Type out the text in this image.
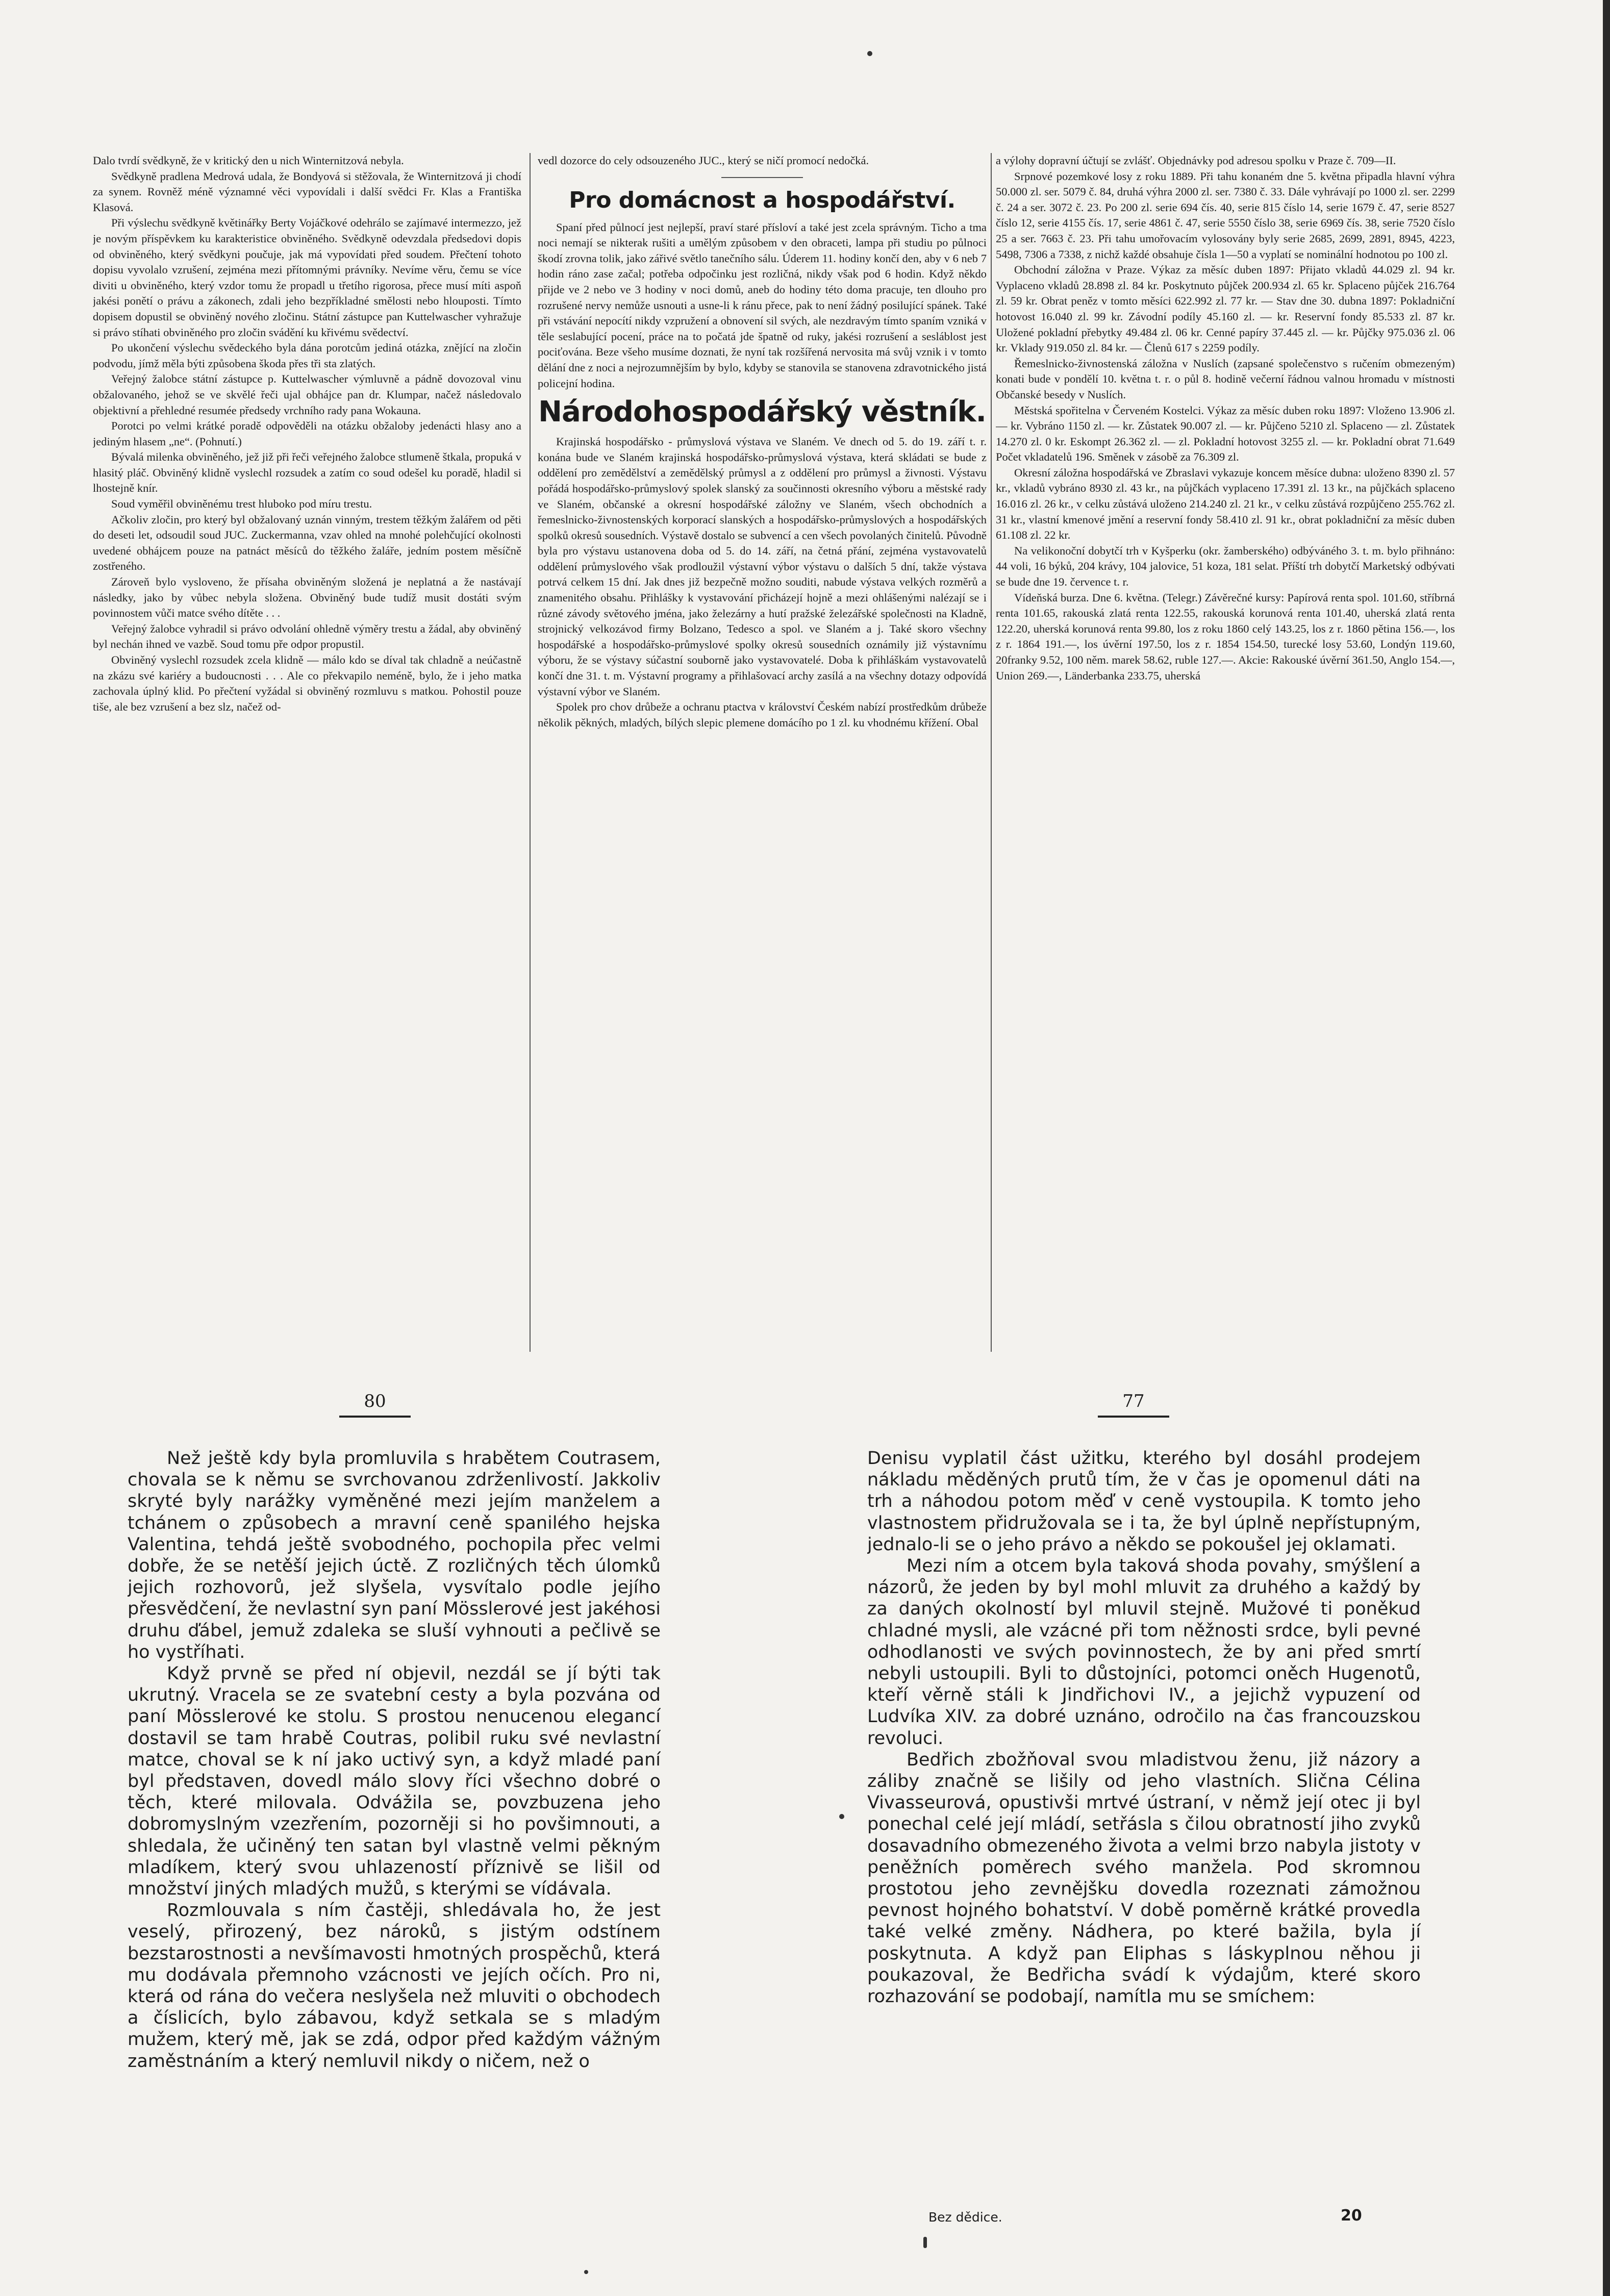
Dalo tvrdí svědkyně, že v kritický den u nich Winternitzová nebyla.

Svědkyně pradlena Medrová udala, že Bondyová si stěžovala, že Winternitzová ji chodí za synem. Rovněž méně významné věci vypovídali i další svědci Fr. Klas a Františka Klasová.

Při výslechu svědkyně květinářky Berty Vojáčkové odehrálo se zajímavé intermezzo, jež je novým příspěvkem ku karakteristice obviněného. Svědkyně odevzdala předsedovi dopis od obviněného, který svědkyni poučuje, jak má vypovídati před soudem. Přečtení tohoto dopisu vyvolalo vzrušení, zejména mezi přítomnými právníky. Nevíme věru, čemu se více diviti u obviněného, který vzdor tomu že propadl u třetího rigorosa, přece musí míti aspoň jakési ponětí o právu a zákonech, zdali jeho bezpříkladné smělosti nebo hlouposti. Tímto dopisem dopustil se obviněný nového zločinu. Státní zástupce pan Kuttelwascher vyhražuje si právo stíhati obviněného pro zločin svádění ku křivému svědectví.

Po ukončení výslechu svědeckého byla dána porotcům jediná otázka, znějící na zločin podvodu, jímž měla býti způsobena škoda přes tři sta zlatých.

Veřejný žalobce státní zástupce p. Kuttelwascher výmluvně a pádně dovozoval vinu obžalovaného, jehož se ve skvělé řeči ujal obhájce pan dr. Klumpar, načež následovalo objektivní a přehledné resumée předsedy vrchního rady pana Wokauna.

Porotci po velmi krátké poradě odpověděli na otázku obžaloby jedenácti hlasy ano a jediným hlasem „ne“. (Pohnutí.)

Bývalá milenka obviněného, jež již při řeči veřejného žalobce stlumeně štkala, propuká v hlasitý pláč. Obviněný klidně vyslechl rozsudek a zatím co soud odešel ku poradě, hladil si lhostejně knír.

Soud vyměřil obviněnému trest hluboko pod míru trestu.

Ačkoliv zločin, pro který byl obžalovaný uznán vinným, trestem těžkým žalářem od pěti do deseti let, odsoudil soud JUC. Zuckermanna, vzav ohled na mnohé polehčující okolnosti uvedené obhájcem pouze na patnáct měsíců do těžkého žaláře, jedním postem měsíčně zostřeného.

Zároveň bylo vysloveno, že přísaha obviněným složená je neplatná a že nastávají následky, jako by vůbec nebyla složena. Obviněný bude tudíž musit dostáti svým povinnostem vůči matce svého dítěte . . .

Veřejný žalobce vyhradil si právo odvolání ohledně výměry trestu a žádal, aby obviněný byl nechán ihned ve vazbě. Soud tomu pře odpor propustil.

Obviněný vyslechl rozsudek zcela klidně — málo kdo se díval tak chladně a neúčastně na zkázu své kariéry a budoucnosti . . . Ale co překvapilo neméně, bylo, že i jeho matka zachovala úplný klid. Po přečtení vyžádal si obviněný rozmluvu s matkou. Pohostil pouze tiše, ale bez vzrušení a bez slz, načež od-

vedl dozorce do cely odsouzeného JUC., který se ničí promocí nedočká.

Pro domácnost a hospodářství.

Spaní před půlnocí jest nejlepší, praví staré přísloví a také jest zcela správným. Ticho a tma noci nemají se nikterak rušiti a umělým způsobem v den obraceti, lampa při studiu po půlnoci škodí zrovna tolik, jako zářivé světlo tanečního sálu. Úderem 11. hodiny končí den, aby v 6 neb 7 hodin ráno zase začal; potřeba odpočinku jest rozličná, nikdy však pod 6 hodin. Když někdo přijde ve 2 nebo ve 3 hodiny v noci domů, aneb do hodiny této doma pracuje, ten dlouho pro rozrušené nervy nemůže usnouti a usne-li k ránu přece, pak to není žádný posilující spánek. Také při vstávání nepocítí nikdy vzpružení a obnovení sil svých, ale nezdravým tímto spaním vzniká v těle seslabující pocení, práce na to počatá jde špatně od ruky, jakési rozrušení a sesláblost jest pociťována. Beze všeho musíme doznati, že nyní tak rozšířená nervosita má svůj vznik i v tomto dělání dne z noci a nejrozumnějším by bylo, kdyby se stanovila se stanovena zdravotnického jistá policejní hodina.

Národohospodářský věstník.

Krajinská hospodářsko - průmyslová výstava ve Slaném. Ve dnech od 5. do 19. září t. r. konána bude ve Slaném krajinská hospodářsko-průmyslová výstava, která skládati se bude z oddělení pro zemědělství a zemědělský průmysl a z oddělení pro průmysl a živnosti. Výstavu pořádá hospodářsko-průmyslový spolek slanský za součinnosti okresního výboru a městské rady ve Slaném, občanské a okresní hospodářské záložny ve Slaném, všech obchodních a řemeslnicko-živnostenských korporací slanských a hospodářsko-průmyslových a hospodářských spolků okresů sousedních. Výstavě dostalo se subvencí a cen všech povolaných činitelů. Původně byla pro výstavu ustanovena doba od 5. do 14. září, na četná přání, zejména vystavovatelů oddělení průmyslového však prodloužil výstavní výbor výstavu o dalších 5 dní, takže výstava potrvá celkem 15 dní. Jak dnes již bezpečně možno souditi, nabude výstava velkých rozměrů a znamenitého obsahu. Přihlášky k vystavování přicházejí hojně a mezi ohlášenými nalézají se i různé závody světového jména, jako železárny a hutí pražské železářské společnosti na Kladně, strojnický velkozávod firmy Bolzano, Tedesco a spol. ve Slaném a j. Také skoro všechny hospodářské a hospodářsko-průmyslové spolky okresů sousedních oznámily již výstavnímu výboru, že se výstavy súčastní souborně jako vystavovatelé. Doba k přihláškám vystavovatelů končí dne 31. t. m. Výstavní programy a přihlašovací archy zasílá a na všechny dotazy odpovídá výstavní výbor ve Slaném.

Spolek pro chov drůbeže a ochranu ptactva v království Českém nabízí prostředkům drůbeže několik pěkných, mladých, bílých slepic plemene domácího po 1 zl. ku vhodnému křížení. Obal

a výlohy dopravní účtují se zvlášť. Objednávky pod adresou spolku v Praze č. 709—II.

Srpnové pozemkové losy z roku 1889. Při tahu konaném dne 5. května připadla hlavní výhra 50.000 zl. ser. 5079 č. 84, druhá výhra 2000 zl. ser. 7380 č. 33. Dále vyhrávají po 1000 zl. ser. 2299 č. 24 a ser. 3072 č. 23. Po 200 zl. serie 694 čís. 40, serie 815 číslo 14, serie 1679 č. 47, serie 8527 číslo 12, serie 4155 čís. 17, serie 4861 č. 47, serie 5550 číslo 38, serie 6969 čís. 38, serie 7520 číslo 25 a ser. 7663 č. 23. Při tahu umořovacím vylosovány byly serie 2685, 2699, 2891, 8945, 4223, 5498, 7306 a 7338, z nichž každé obsahuje čísla 1—50 a vyplatí se nominální hodnotou po 100 zl.

Obchodní záložna v Praze. Výkaz za měsíc duben 1897: Přijato vkladů 44.029 zl. 94 kr. Vyplaceno vkladů 28.898 zl. 84 kr. Poskytnuto půjček 200.934 zl. 65 kr. Splaceno půjček 216.764 zl. 59 kr. Obrat peněz v tomto měsíci 622.992 zl. 77 kr. — Stav dne 30. dubna 1897: Pokladniční hotovost 16.040 zl. 99 kr. Závodní podíly 45.160 zl. — kr. Reservní fondy 85.533 zl. 87 kr. Uložené pokladní přebytky 49.484 zl. 06 kr. Cenné papíry 37.445 zl. — kr. Půjčky 975.036 zl. 06 kr. Vklady 919.050 zl. 84 kr. — Členů 617 s 2259 podíly.

Řemeslnicko-živnostenská záložna v Nuslích (zapsané společenstvo s ručením obmezeným) konati bude v pondělí 10. května t. r. o půl 8. hodině večerní řádnou valnou hromadu v místnosti Občanské besedy v Nuslích.

Městská spořitelna v Červeném Kostelci. Výkaz za měsíc duben roku 1897: Vloženo 13.906 zl. — kr. Vybráno 1150 zl. — kr. Zůstatek 90.007 zl. — kr. Půjčeno 5210 zl. Splaceno — zl. Zůstatek 14.270 zl. 0 kr. Eskompt 26.362 zl. — zl. Pokladní hotovost 3255 zl. — kr. Pokladní obrat 71.649 Počet vkladatelů 196. Směnek v zásobě za 76.309 zl.

Okresní záložna hospodářská ve Zbraslavi vykazuje koncem měsíce dubna: uloženo 8390 zl. 57 kr., vkladů vybráno 8930 zl. 43 kr., na půjčkách vyplaceno 17.391 zl. 13 kr., na půjčkách splaceno 16.016 zl. 26 kr., v celku zůstává uloženo 214.240 zl. 21 kr., v celku zůstává rozpůjčeno 255.762 zl. 31 kr., vlastní kmenové jmění a reservní fondy 58.410 zl. 91 kr., obrat pokladniční za měsíc duben 61.108 zl. 22 kr.

Na velikonoční dobytčí trh v Kyšperku (okr. žamberského) odbýváného 3. t. m. bylo přihnáno: 44 voli, 16 býků, 204 krávy, 104 jalovice, 51 koza, 181 selat. Příští trh dobytčí Marketský odbývati se bude dne 19. července t. r.

Vídeňská burza. Dne 6. května. (Telegr.) Závěrečné kursy: Papírová renta spol. 101.60, stříbrná renta 101.65, rakouská zlatá renta 122.55, rakouská korunová renta 101.40, uherská zlatá renta 122.20, uherská korunová renta 99.80, los z roku 1860 celý 143.25, los z r. 1860 pětina 156.—, los z r. 1864 191.—, los úvěrní 197.50, los z r. 1854 154.50, turecké losy 53.60, Londýn 119.60, 20franky 9.52, 100 něm. marek 58.62, ruble 127.—. Akcie: Rakouské úvěrní 361.50, Anglo 154.—, Union 269.—, Länderbanka 233.75, uherská

80	77

Než ještě kdy byla promluvila s hrabětem Coutrasem, chovala se k němu se svrchovanou zdrženlivostí. Jakkoliv skryté byly narážky vyměněné mezi jejím manželem a tchánem o způsobech a mravní ceně spanilého hejska Valentina, tehdá ještě svobodného, pochopila přec velmi dobře, že se netěší jejich úctě. Z rozličných těch úlomků jejich rozhovorů, jež slyšela, vysvítalo podle jejího přesvědčení, že nevlastní syn paní Mösslerové jest jakéhosi druhu ďábel, jemuž zdaleka se sluší vyhnouti a pečlivě se ho vystříhati.

Když prvně se před ní objevil, nezdál se jí býti tak ukrutný. Vracela se ze svatební cesty a byla pozvána od paní Mösslerové ke stolu. S prostou nenucenou elegancí dostavil se tam hrabě Coutras, polibil ruku své nevlastní matce, choval se k ní jako uctivý syn, a když mladé paní byl představen, dovedl málo slovy říci všechno dobré o těch, které milovala. Odvážila se, povzbuzena jeho dobromyslným vzezřením, pozorněji si ho povšimnouti, a shledala, že učiněný ten satan byl vlastně velmi pěkným mladíkem, který svou uhlazeností příznivě se lišil od množství jiných mladých mužů, s kterými se vídávala.

Rozmlouvala s ním častěji, shledávala ho, že jest veselý, přirozený, bez nároků, s jistým odstínem bezstarostnosti a nevšímavosti hmotných prospěchů, která mu dodávala přemnoho vzácnosti ve jejích očích. Pro ni, která od rána do večera neslyšela než mluviti o obchodech a číslicích, bylo zábavou, když setkala se s mladým mužem, který mě, jak se zdá, odpor před každým vážným zaměstnáním a který nemluvil nikdy o ničem, než o

Denisu vyplatil část užitku, kterého byl dosáhl prodejem nákladu měděných prutů tím, že v čas je opomenul dáti na trh a náhodou potom měď v ceně vystoupila. K tomto jeho vlastnostem přidružovala se i ta, že byl úplně nepřístupným, jednalo-li se o jeho právo a někdo se pokoušel jej oklamati.

Mezi ním a otcem byla taková shoda povahy, smýšlení a názorů, že jeden by byl mohl mluvit za druhého a každý by za daných okolností byl mluvil stejně. Mužové ti poněkud chladné mysli, ale vzácné při tom něžnosti srdce, byli pevné odhodlanosti ve svých povinnostech, že by ani před smrtí nebyli ustoupili. Byli to důstojníci, potomci oněch Hugenotů, kteří věrně stáli k Jindřichovi IV., a jejichž vypuzení od Ludvíka XIV. za dobré uznáno, odročilo na čas francouzskou revoluci.

Bedřich zbožňoval svou mladistvou ženu, již názory a záliby značně se lišily od jeho vlastních. Slična Célina Vivasseurová, opustivši mrtvé ústraní, v němž její otec ji byl ponechal celé její mládí, setřásla s čilou obratností jiho zvyků dosavadního obmezeného života a velmi brzo nabyla jistoty v peněžních poměrech svého manžela. Pod skromnou prostotou jeho zevnějšku dovedla rozeznati zámožnou pevnost hojného bohatství. V době poměrně krátké provedla také velké změny. Nádhera, po které bažila, byla jí poskytnuta. A když pan Eliphas s láskyplnou něhou ji poukazoval, že Bedřicha svádí k výdajům, které skoro rozhazování se podobají, namítla mu se smíchem:

Bez dědice.	20
